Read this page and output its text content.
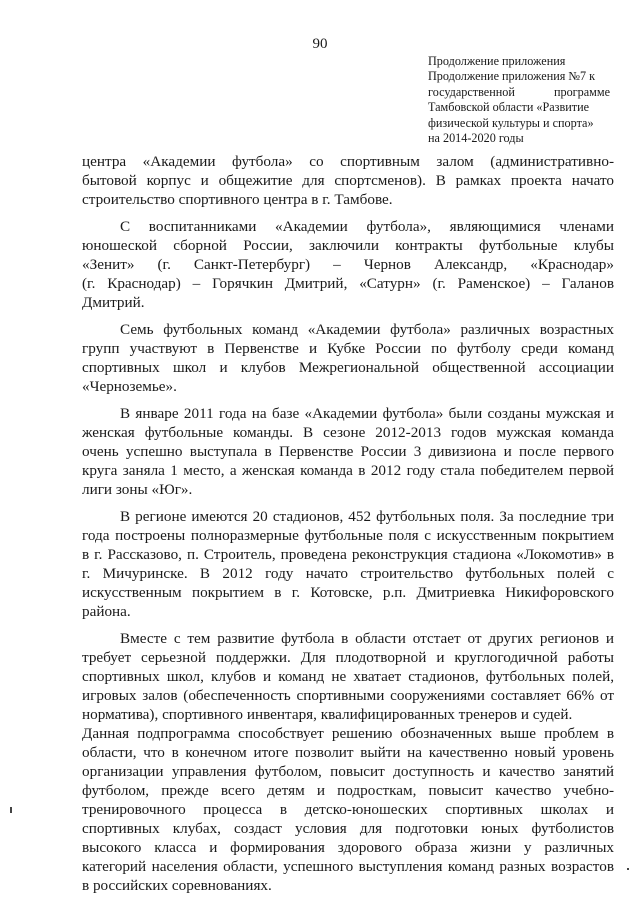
90
Продолжение приложения
Продолжение приложения №7 к
государственной программе
Тамбовской области «Развитие
физической культуры и спорта»
на 2014-2020 годы
центра «Академии футбола» со спортивным залом (административно-
бытовой корпус и общежитие для спортсменов). В рамках проекта начато
строительство спортивного центра в г. Тамбове.
С воспитанниками «Академии футбола», являющимися членами
юношеской сборной России, заключили контракты футбольные клубы
«Зенит» (г. Санкт-Петербург) – Чернов Александр, «Краснодар»
(г. Краснодар) – Горячкин Дмитрий, «Сатурн» (г. Раменское) – Галанов
Дмитрий.
Семь футбольных команд «Академии футбола» различных возрастных
групп участвуют в Первенстве и Кубке России по футболу среди команд
спортивных школ и клубов Межрегиональной общественной ассоциации
«Черноземье».
В январе 2011 года на базе «Академии футбола» были созданы мужская и
женская футбольные команды. В сезоне 2012-2013 годов мужская команда
очень успешно выступала в Первенстве России 3 дивизиона и после первого
круга заняла 1 место, а женская команда в 2012 году стала победителем первой
лиги зоны «Юг».
В регионе имеются 20 стадионов, 452 футбольных поля. За последние три
года построены полноразмерные футбольные поля с искусственным покрытием
в г. Рассказово, п. Строитель, проведена реконструкция стадиона «Локомотив» в
г. Мичуринске. В 2012 году начато строительство футбольных полей с
искусственным покрытием в г. Котовске, р.п. Дмитриевка Никифоровского
района.
Вместе с тем развитие футбола в области отстает от других регионов и
требует серьезной поддержки. Для плодотворной и круглогодичной работы
спортивных школ, клубов и команд не хватает стадионов, футбольных полей,
игровых залов (обеспеченность спортивными сооружениями составляет 66% от
норматива), спортивного инвентаря, квалифицированных тренеров и судей.
Данная подпрограмма способствует решению обозначенных выше проблем в
области, что в конечном итоге позволит выйти на качественно новый уровень
организации управления футболом, повысит доступность и качество занятий
футболом, прежде всего детям и подросткам, повысит качество учебно-
тренировочного процесса в детско-юношеских спортивных школах и
спортивных клубах, создаст условия для подготовки юных футболистов
высокого класса и формирования здорового образа жизни у различных
категорий населения области, успешного выступления команд разных возрастов
в российских соревнованиях.
